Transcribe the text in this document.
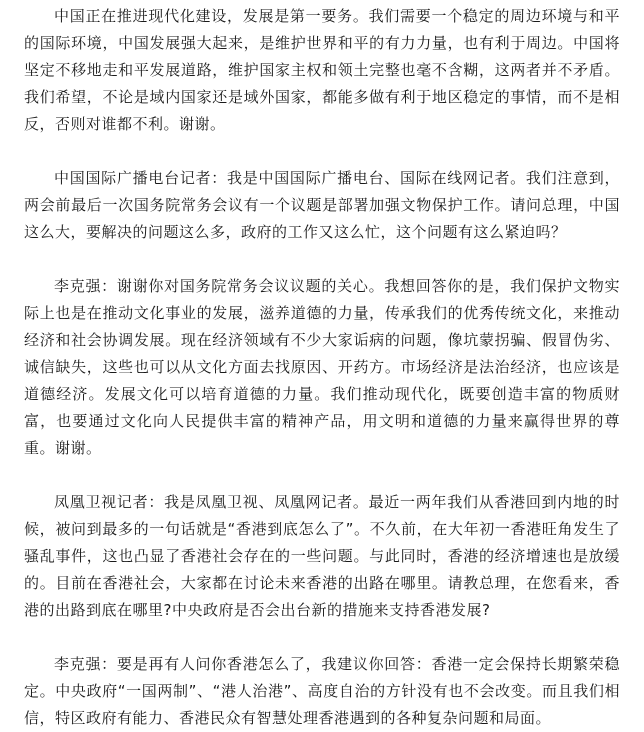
中国正在推进现代化建设，发展是第一要务。我们需要一个稳定的周边环境与和平的国际环境，中国发展强大起来，是维护世界和平的有力力量，也有利于周边。中国将坚定不移地走和平发展道路，维护国家主权和领土完整也毫不含糊，这两者并不矛盾。我们希望，不论是域内国家还是域外国家，都能多做有利于地区稳定的事情，而不是相反，否则对谁都不利。谢谢。

中国国际广播电台记者：我是中国国际广播电台、国际在线网记者。我们注意到，两会前最后一次国务院常务会议有一个议题是部署加强文物保护工作。请问总理，中国这么大，要解决的问题这么多，政府的工作又这么忙，这个问题有这么紧迫吗？

李克强：谢谢你对国务院常务会议议题的关心。我想回答你的是，我们保护文物实际上也是在推动文化事业的发展，滋养道德的力量，传承我们的优秀传统文化，来推动经济和社会协调发展。现在经济领域有不少大家诟病的问题，像坑蒙拐骗、假冒伪劣、诚信缺失，这些也可以从文化方面去找原因、开药方。市场经济是法治经济，也应该是道德经济。发展文化可以培育道德的力量。我们推动现代化，既要创造丰富的物质财富，也要通过文化向人民提供丰富的精神产品，用文明和道德的力量来赢得世界的尊重。谢谢。

凤凰卫视记者：我是凤凰卫视、凤凰网记者。最近一两年我们从香港回到内地的时候，被问到最多的一句话就是“香港到底怎么了”。不久前，在大年初一香港旺角发生了骚乱事件，这也凸显了香港社会存在的一些问题。与此同时，香港的经济增速也是放缓的。目前在香港社会，大家都在讨论未来香港的出路在哪里。请教总理，在您看来，香港的出路到底在哪里?中央政府是否会出台新的措施来支持香港发展?

李克强：要是再有人问你香港怎么了，我建议你回答：香港一定会保持长期繁荣稳定。中央政府“一国两制”、“港人治港”、高度自治的方针没有也不会改变。而且我们相信，特区政府有能力、香港民众有智慧处理香港遇到的各种复杂问题和局面。
